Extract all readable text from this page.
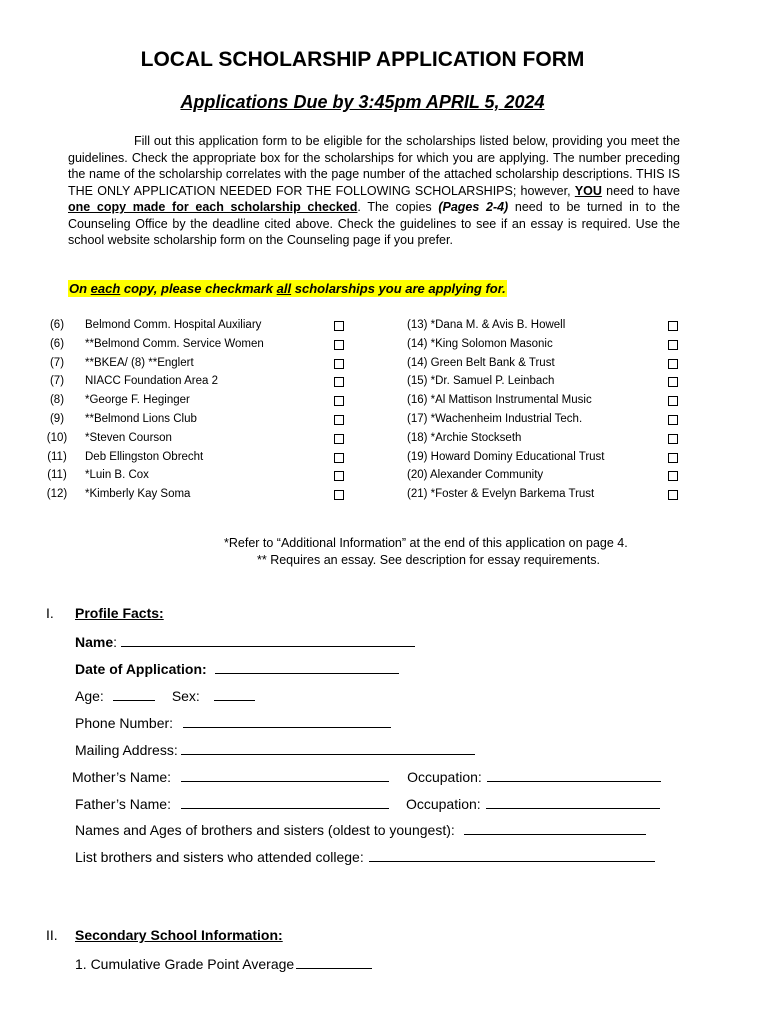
LOCAL SCHOLARSHIP APPLICATION FORM
Applications Due by 3:45pm APRIL 5, 2024

Fill out this application form to be eligible for the scholarships listed below, providing you meet the guidelines. Check the appropriate box for the scholarships for which you are applying. The number preceding the name of the scholarship correlates with the page number of the attached scholarship descriptions. THIS IS THE ONLY APPLICATION NEEDED FOR THE FOLLOWING SCHOLARSHIPS; however, YOU need to have one copy made for each scholarship checked. The copies (Pages 2-4) need to be turned in to the Counseling Office by the deadline cited above. Check the guidelines to see if an essay is required. Use the school website scholarship form on the Counseling page if you prefer.

On each copy, please checkmark all scholarships you are applying for.
(6)	Belmond Comm. Hospital Auxiliary
(6)	**Belmond Comm. Service Women
(7)	**BKEA/ (8) **Englert
(7)	NIACC Foundation Area 2
(8)	*George F. Heginger
(9)	**Belmond Lions Club
(10)	*Steven Courson
(11)	Deb Ellingston Obrecht
(11)	*Luin B. Cox
(12)	*Kimberly Kay Soma
(13) *Dana M. & Avis B. Howell
(14) *King Solomon Masonic
(14) Green Belt Bank & Trust
(15) *Dr. Samuel P. Leinbach
(16) *Al Mattison Instrumental Music
(17) *Wachenheim Industrial Tech.
(18) *Archie Stockseth
(19) Howard Dominy Educational Trust
(20) Alexander Community
(21) *Foster & Evelyn Barkema Trust
*Refer to “Additional Information” at the end of this application on page 4.
** Requires an essay. See description for essay requirements.
I. Profile Facts:
Name:
Date of Application:
Age:	Sex:
Phone Number:
Mailing Address:
Mother’s Name:	Occupation:
Father’s Name:	Occupation:
Names and Ages of brothers and sisters (oldest to youngest):
List brothers and sisters who attended college:
II. Secondary School Information:
1. Cumulative Grade Point Average
